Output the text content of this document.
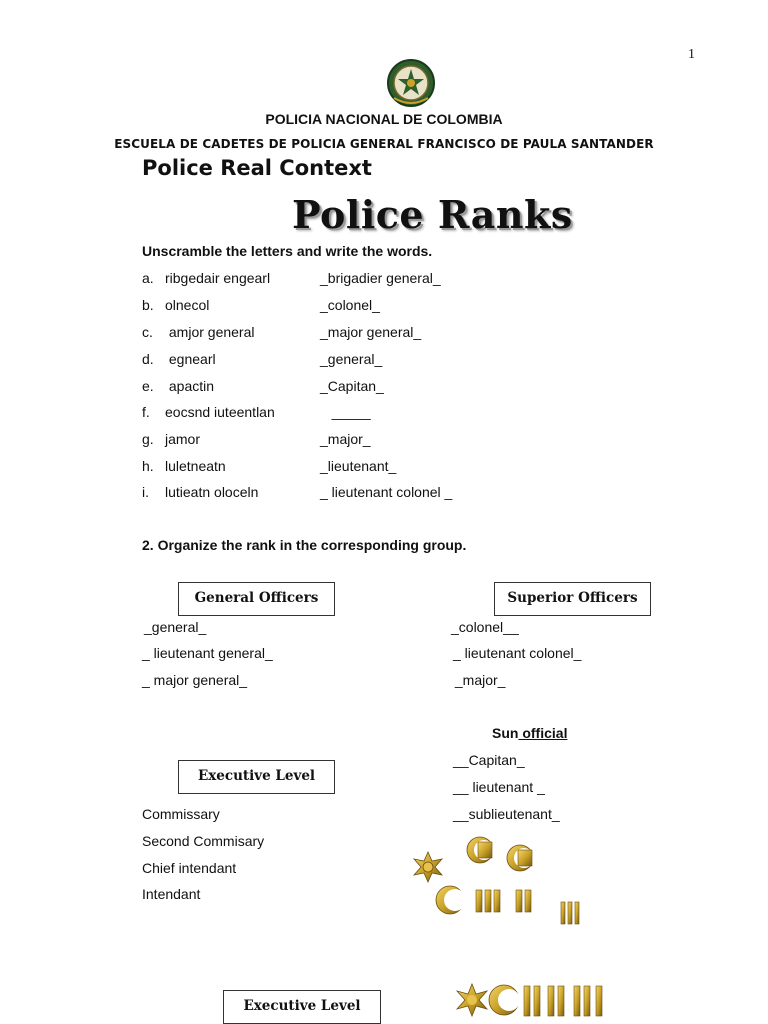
1
POLICIA NACIONAL DE COLOMBIA
ESCUELA DE CADETES DE POLICIA GENERAL FRANCISCO DE PAULA SANTANDER
Police Real Context
Police Ranks
Unscramble the letters and write the words.
a. ribgedair engearl	_brigadier general_
b. olnecol	_colonel_
c. amjor general	_major general_
d. egnearl	_general_
e. apactin	_Capitan_
f.	eocsnd iuteentlan	_____
g. jamor	_major_
h. luletneatn	_lieutenant_
i.	lutieatn oloceln	_ lieutenant colonel _
2. Organize the rank in the corresponding group.
General Officers
_general_
_ lieutenant general_
_ major general_
Superior Officers
_colonel__
_ lieutenant colonel_
_major_
Sun official
__Capitan_
__ lieutenant _
__sublieutenant_
Executive Level
Commissary
Second Commisary
Chief intendant
Intendant
Executive Level
